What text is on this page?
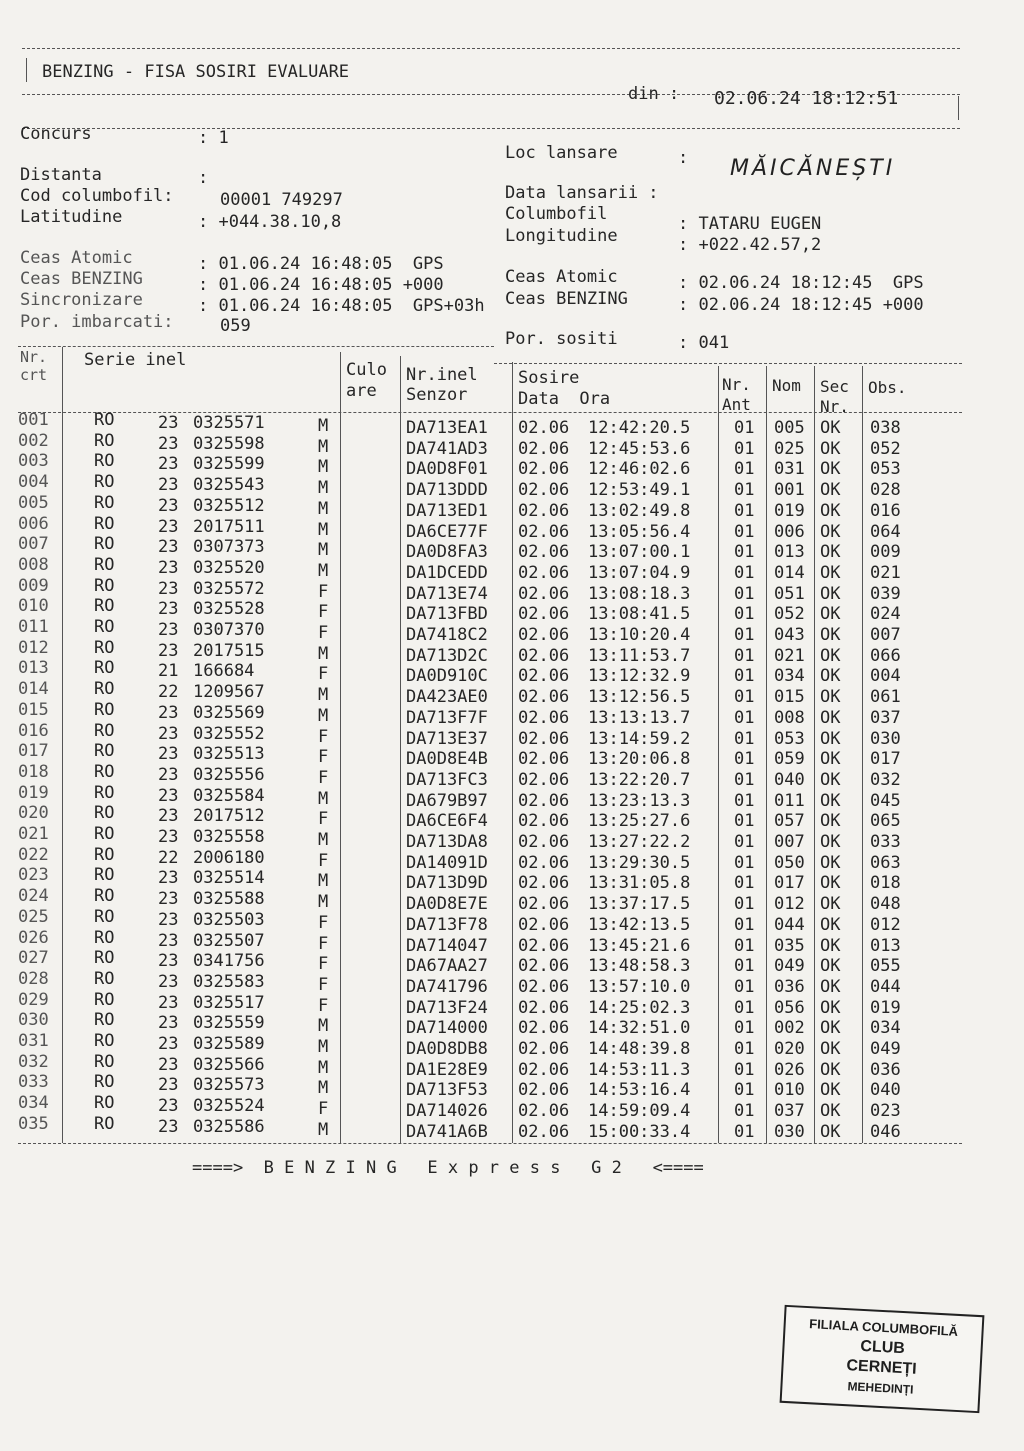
BENZING - FISA SOSIRI EVALUARE
din : 02.06.24 18:12:51
Concurs	: 1
Distanta	:
Cod columbofil:	00001 749297
Latitudine	: +044.38.10,8
Ceas Atomic	: 01.06.24 16:48:05  GPS
Ceas BENZING	: 01.06.24 16:48:05 +000
Sincronizare	: 01.06.24 16:48:05  GPS+03h
Por. imbarcati:	059
Loc lansare	: MĂICĂNEȘTI
Data lansarii :
Columbofil	: TATARU EUGEN
Longitudine	: +022.42.57,2
Ceas Atomic	: 02.06.24 18:12:45  GPS
Ceas BENZING	: 02.06.24 18:12:45 +000
Por. sositi	: 041
Nr.
crt
Serie inel	Culo
are
Nr.inel
Senzor
Sosire
Data  Ora
Nr.
Ant
Nom Sec
Nr.
Obs.
001	RO	23 0325571	M	DA713EA1	02.06	12:42:20.5	01	005 OK	038
002	RO	23 0325598	M	DA741AD3	02.06	12:45:53.6	01	025 OK	052
003	RO	23 0325599	M	DA0D8F01	02.06	12:46:02.6	01	031 OK	053
004	RO	23 0325543	M	DA713DDD	02.06	12:53:49.1	01	001 OK	028
005	RO	23 0325512	M	DA713ED1	02.06	13:02:49.8	01	019 OK	016
006	RO	23 2017511	M	DA6CE77F	02.06	13:05:56.4	01	006 OK	064
007	RO	23 0307373	M	DA0D8FA3	02.06	13:07:00.1	01	013 OK	009
008	RO	23 0325520	M	DA1DCEDD	02.06	13:07:04.9	01	014 OK	021
009	RO	23 0325572	F	DA713E74	02.06	13:08:18.3	01	051 OK	039
010	RO	23 0325528	F	DA713FBD	02.06	13:08:41.5	01	052 OK	024
011	RO	23 0307370	F	DA7418C2	02.06	13:10:20.4	01	043 OK	007
012	RO	23 2017515	M	DA713D2C	02.06	13:11:53.7	01	021 OK	066
013	RO	21 166684	F	DA0D910C	02.06	13:12:32.9	01	034 OK	004
014	RO	22 1209567	M	DA423AE0	02.06	13:12:56.5	01	015 OK	061
015	RO	23 0325569	M	DA713F7F	02.06	13:13:13.7	01	008 OK	037
016	RO	23 0325552	F	DA713E37	02.06	13:14:59.2	01	053 OK	030
017	RO	23 0325513	F	DA0D8E4B	02.06	13:20:06.8	01	059 OK	017
018	RO	23 0325556	F	DA713FC3	02.06	13:22:20.7	01	040 OK	032
019	RO	23 0325584	M	DA679B97	02.06	13:23:13.3	01	011 OK	045
020	RO	23 2017512	F	DA6CE6F4	02.06	13:25:27.6	01	057 OK	065
021	RO	23 0325558	M	DA713DA8	02.06	13:27:22.2	01	007 OK	033
022	RO	22 2006180	F	DA14091D	02.06	13:29:30.5	01	050 OK	063
023	RO	23 0325514	M	DA713D9D	02.06	13:31:05.8	01	017 OK	018
024	RO	23 0325588	M	DA0D8E7E	02.06	13:37:17.5	01	012 OK	048
025	RO	23 0325503	F	DA713F78	02.06	13:42:13.5	01	044 OK	012
026	RO	23 0325507	F	DA714047	02.06	13:45:21.6	01	035 OK	013
027	RO	23 0341756	F	DA67AA27	02.06	13:48:58.3	01	049 OK	055
028	RO	23 0325583	F	DA741796	02.06	13:57:10.0	01	036 OK	044
029	RO	23 0325517	F	DA713F24	02.06	14:25:02.3	01	056 OK	019
030	RO	23 0325559	M	DA714000	02.06	14:32:51.0	01	002 OK	034
031	RO	23 0325589	M	DA0D8DB8	02.06	14:48:39.8	01	020 OK	049
032	RO	23 0325566	M	DA1E28E9	02.06	14:53:11.3	01	026 OK	036
033	RO	23 0325573	M	DA713F53	02.06	14:53:16.4	01	010 OK	040
034	RO	23 0325524	F	DA714026	02.06	14:59:09.4	01	037 OK	023
035	RO	23 0325586	M	DA741A6B	02.06	15:00:33.4	01	030 OK	046
====>  B E N Z I N G   E x p r e s s   G 2   <====
FILIALA COLUMBOFILĂ
CLUB
CERNEȚI
MEHEDINȚI
